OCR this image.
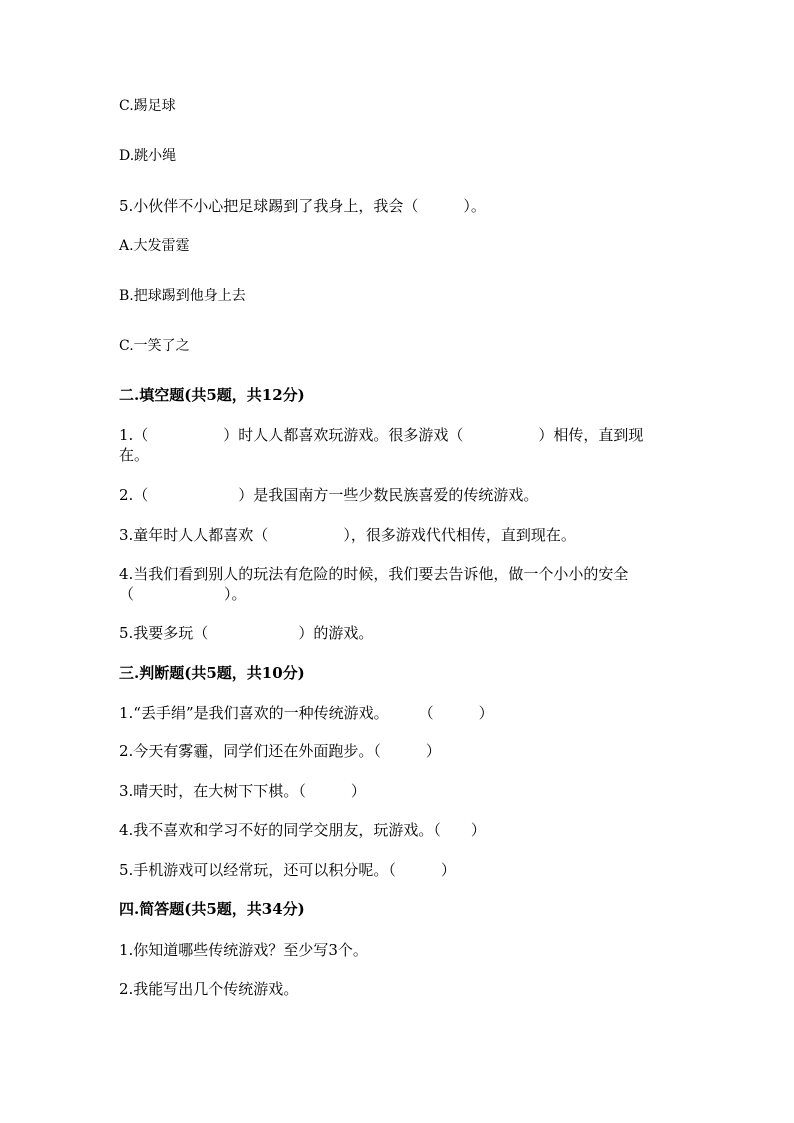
C.踢足球
D.跳小绳
5.小伙伴不小心把足球踢到了我身上，我会（　　　）。
A.大发雷霆
B.把球踢到他身上去
C.一笑了之
二.填空题(共5题，共12分)
1.（　　　　　）时人人都喜欢玩游戏。很多游戏（　　　　　）相传，直到现
在。
2.（　　　　　　）是我国南方一些少数民族喜爱的传统游戏。
3.童年时人人都喜欢（　　　　　），很多游戏代代相传，直到现在。
4.当我们看到别人的玩法有危险的时候，我们要去告诉他，做一个小小的安全
（　　　　　　）。
5.我要多玩（　　　　　　）的游戏。
三.判断题(共5题，共10分)
1.“丢手绢”是我们喜欢的一种传统游戏。　　　（　　　）
2.今天有雾霾，同学们还在外面跑步。（　　　）
3.晴天时，在大树下下棋。（　　　）
4.我不喜欢和学习不好的同学交朋友，玩游戏。（　　）
5.手机游戏可以经常玩，还可以积分呢。（　　　）
四.简答题(共5题，共34分)
1.你知道哪些传统游戏？至少写3个。
2.我能写出几个传统游戏。
